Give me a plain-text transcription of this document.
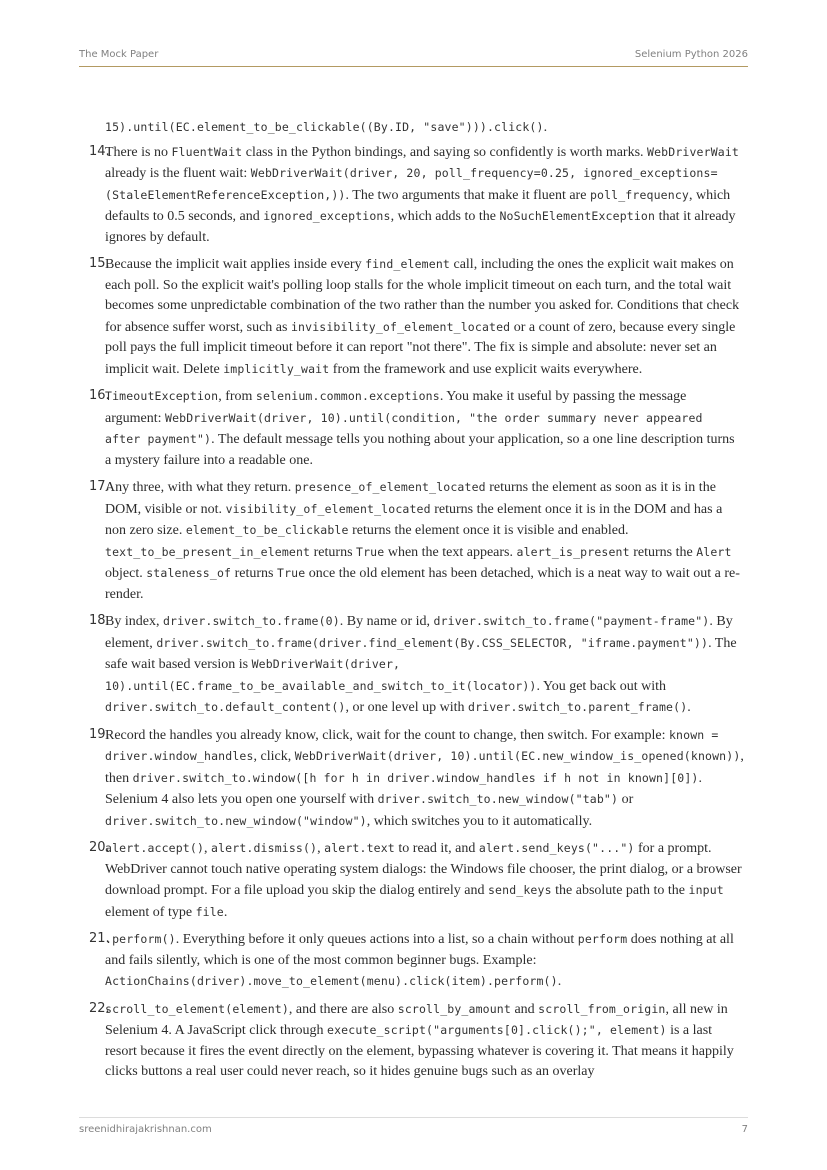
The Mock Paper	Selenium Python 2026

15).until(EC.element_to_be_clickable((By.ID, "save"))).click().

14.
There is no FluentWait class in the Python bindings, and saying so confidently is worth marks. WebDriverWait already is the fluent wait: WebDriverWait(driver, 20, poll_frequency=0.25, ignored_exceptions=(StaleElementReferenceException,)). The two arguments that make it fluent are poll_frequency, which defaults to 0.5 seconds, and ignored_exceptions, which adds to the NoSuchElementException that it already ignores by default.
15.
Because the implicit wait applies inside every find_element call, including the ones the explicit wait makes on each poll. So the explicit wait's polling loop stalls for the whole implicit timeout on each turn, and the total wait becomes some unpredictable combination of the two rather than the number you asked for. Conditions that check for absence suffer worst, such as invisibility_of_element_located or a count of zero, because every single poll pays the full implicit timeout before it can report "not there". The fix is simple and absolute: never set an implicit wait. Delete implicitly_wait from the framework and use explicit waits everywhere.
16.
TimeoutException, from selenium.common.exceptions. You make it useful by passing the message argument: WebDriverWait(driver, 10).until(condition, "the order summary never appeared after payment"). The default message tells you nothing about your application, so a one line description turns a mystery failure into a readable one.
17.
Any three, with what they return. presence_of_element_located returns the element as soon as it is in the DOM, visible or not. visibility_of_element_located returns the element once it is in the DOM and has a non zero size. element_to_be_clickable returns the element once it is visible and enabled. text_to_be_present_in_element returns True when the text appears. alert_is_present returns the Alert object. staleness_of returns True once the old element has been detached, which is a neat way to wait out a re-render.
18.
By index, driver.switch_to.frame(0). By name or id, driver.switch_to.frame("payment-frame"). By element, driver.switch_to.frame(driver.find_element(By.CSS_SELECTOR, "iframe.payment")). The safe wait based version is WebDriverWait(driver, 10).until(EC.frame_to_be_available_and_switch_to_it(locator)). You get back out with driver.switch_to.default_content(), or one level up with driver.switch_to.parent_frame().
19.
Record the handles you already know, click, wait for the count to change, then switch. For example: known = driver.window_handles, click, WebDriverWait(driver, 10).until(EC.new_window_is_opened(known)), then driver.switch_to.window([h for h in driver.window_handles if h not in known][0]). Selenium 4 also lets you open one yourself with driver.switch_to.new_window("tab") or driver.switch_to.new_window("window"), which switches you to it automatically.
20.
alert.accept(), alert.dismiss(), alert.text to read it, and alert.send_keys("...") for a prompt. WebDriver cannot touch native operating system dialogs: the Windows file chooser, the print dialog, or a browser download prompt. For a file upload you skip the dialog entirely and send_keys the absolute path to the input element of type file.
21.
.perform(). Everything before it only queues actions into a list, so a chain without perform does nothing at all and fails silently, which is one of the most common beginner bugs. Example: ActionChains(driver).move_to_element(menu).click(item).perform().
22.
scroll_to_element(element), and there are also scroll_by_amount and scroll_from_origin, all new in Selenium 4. A JavaScript click through execute_script("arguments[0].click();", element) is a last resort because it fires the event directly on the element, bypassing whatever is covering it. That means it happily clicks buttons a real user could never reach, so it hides genuine bugs such as an overlay
sreenidhirajakrishnan.com	7
